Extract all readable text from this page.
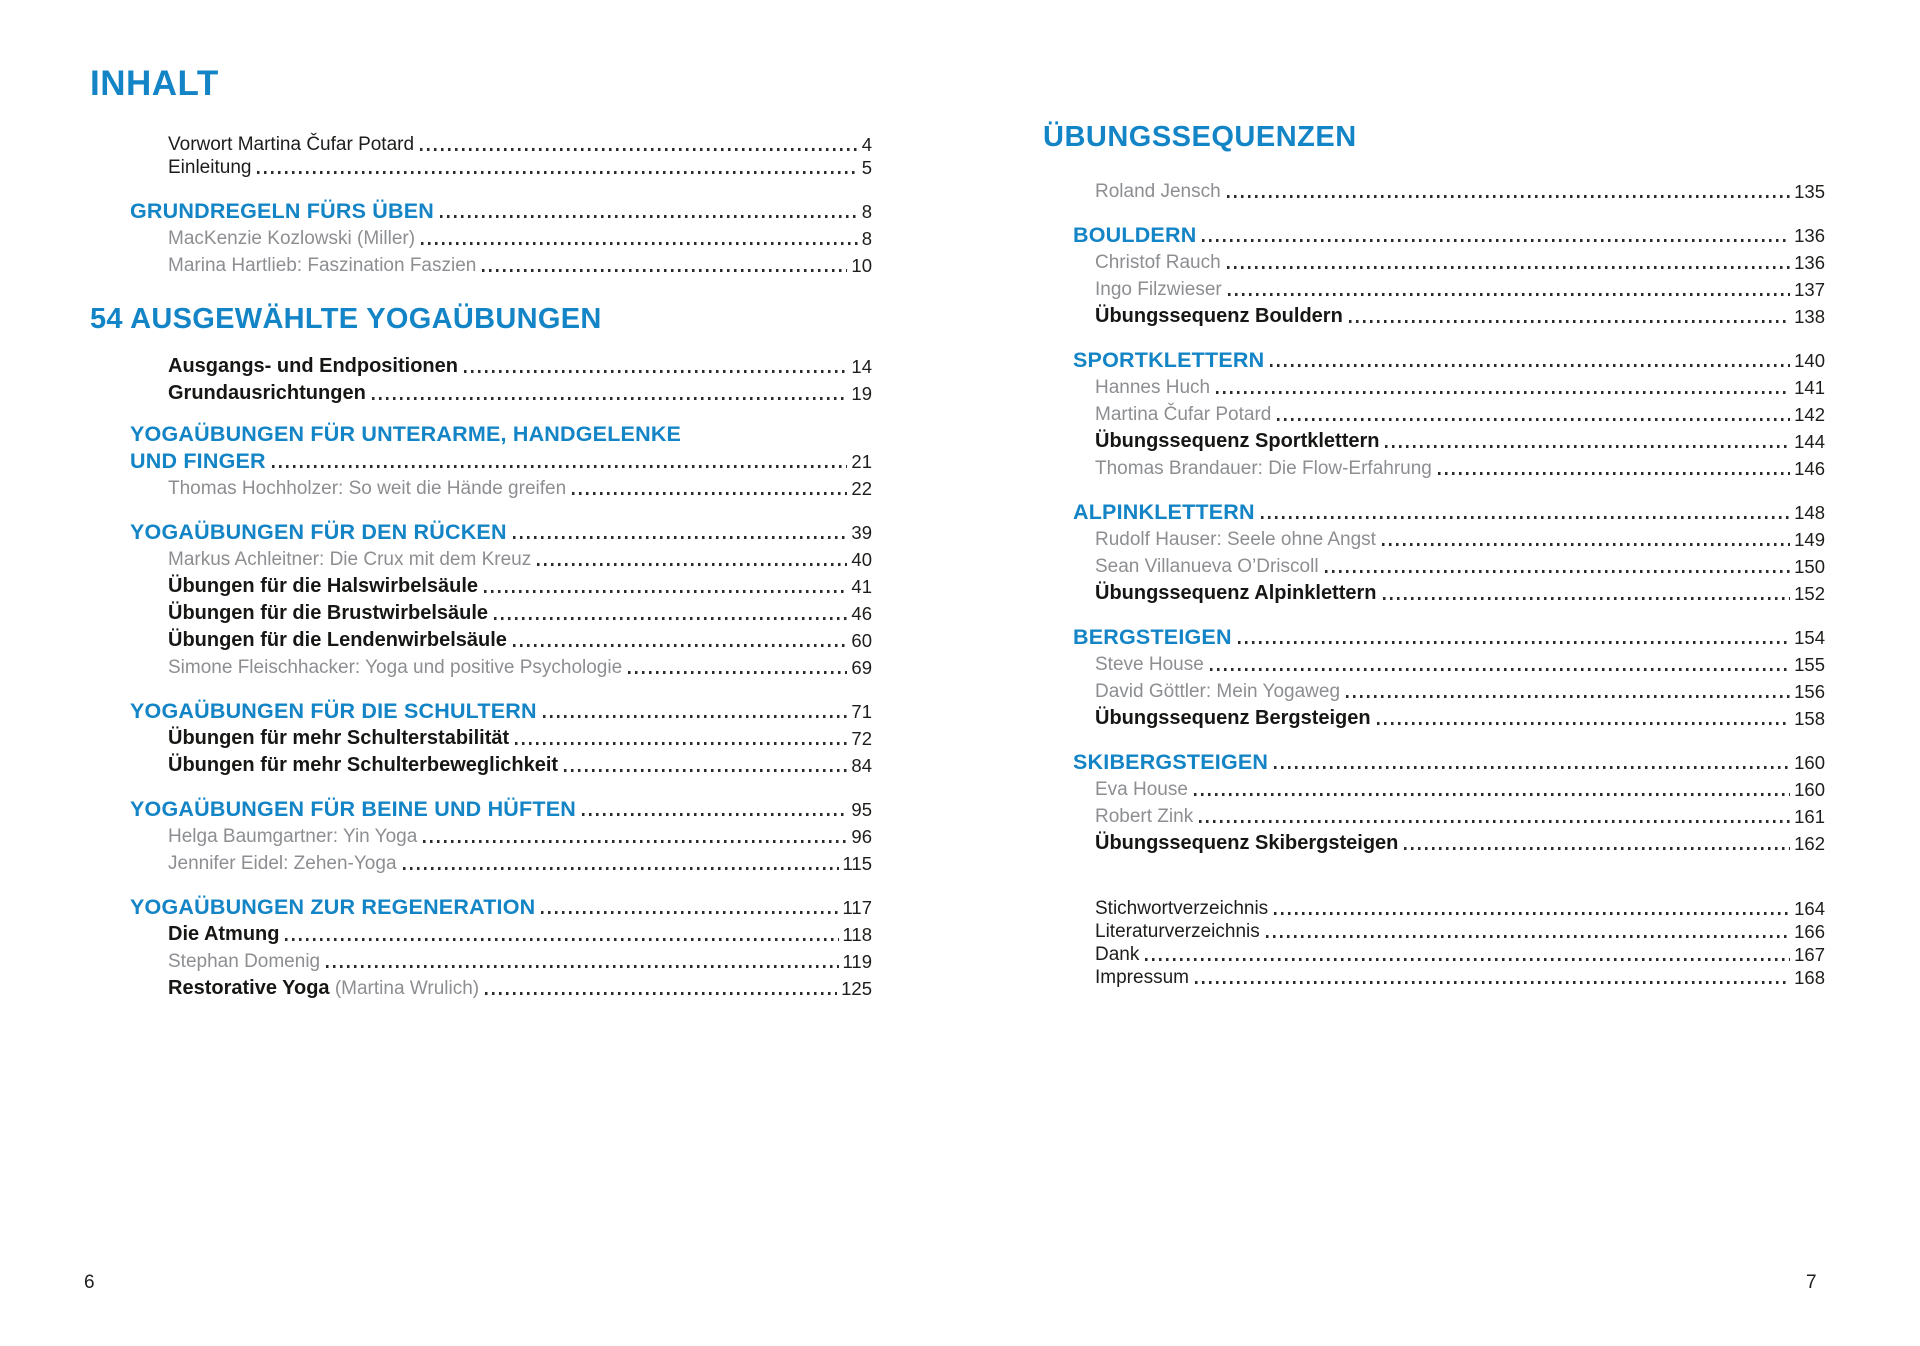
INHALT
Vorwort Martina Čufar Potard	4
Einleitung	5
GRUNDREGELN FÜRS ÜBEN	8
MacKenzie Kozlowski (Miller)	8
Marina Hartlieb: Faszination Faszien	10
54 AUSGEWÄHLTE YOGAÜBUNGEN
Ausgangs- und Endpositionen	14
Grundausrichtungen	19
YOGAÜBUNGEN FÜR UNTERARME, HANDGELENKE
UND FINGER	21
Thomas Hochholzer: So weit die Hände greifen	22
YOGAÜBUNGEN FÜR DEN RÜCKEN	39
Markus Achleitner: Die Crux mit dem Kreuz	40
Übungen für die Halswirbelsäule	41
Übungen für die Brustwirbelsäule	46
Übungen für die Lendenwirbelsäule	60
Simone Fleischhacker: Yoga und positive Psychologie	69
YOGAÜBUNGEN FÜR DIE SCHULTERN	71
Übungen für mehr Schulterstabilität	72
Übungen für mehr Schulterbeweglichkeit	84
YOGAÜBUNGEN FÜR BEINE UND HÜFTEN	95
Helga Baumgartner: Yin Yoga	96
Jennifer Eidel: Zehen-Yoga	115
YOGAÜBUNGEN ZUR REGENERATION	117
Die Atmung	118
Stephan Domenig	119
Restorative Yoga (Martina Wrulich)	125
ÜBUNGSSEQUENZEN
Roland Jensch	135
BOULDERN	136
Christof Rauch	136
Ingo Filzwieser	137
Übungssequenz Bouldern	138
SPORTKLETTERN	140
Hannes Huch	141
Martina Čufar Potard	142
Übungssequenz Sportklettern	144
Thomas Brandauer: Die Flow-Erfahrung	146
ALPINKLETTERN	148
Rudolf Hauser: Seele ohne Angst	149
Sean Villanueva O’Driscoll	150
Übungssequenz Alpinklettern	152
BERGSTEIGEN	154
Steve House	155
David Göttler: Mein Yogaweg	156
Übungssequenz Bergsteigen	158
SKIBERGSTEIGEN	160
Eva House	160
Robert Zink	161
Übungssequenz Skibergsteigen	162
Stichwortverzeichnis	164
Literaturverzeichnis	166
Dank	167
Impressum	168
6	7
